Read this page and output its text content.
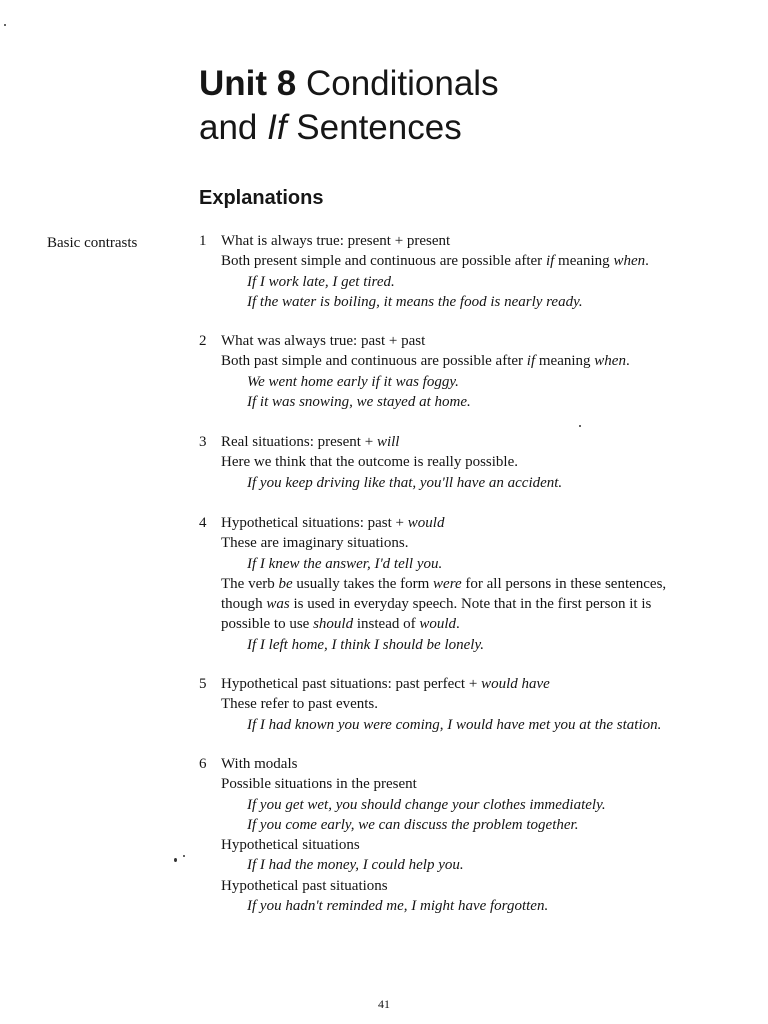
Unit 8 Conditionals
and If Sentences
Explanations
Basic contrasts	1 What is always true: present + present
Both present simple and continuous are possible after if meaning when.
If I work late, I get tired.
If the water is boiling, it means the food is nearly ready.
2 What was always true: past + past
Both past simple and continuous are possible after if meaning when.
We went home early if it was foggy.
If it was snowing, we stayed at home.
3 Real situations: present + will
Here we think that the outcome is really possible.
If you keep driving like that, you'll have an accident.
4 Hypothetical situations: past + would
These are imaginary situations.
If I knew the answer, I'd tell you.
The verb be usually takes the form were for all persons in these sentences,
though was is used in everyday speech. Note that in the first person it is
possible to use should instead of would.
If I left home, I think I should be lonely.
5 Hypothetical past situations: past perfect + would have
These refer to past events.
If I had known you were coming, I would have met you at the station.
6 With modals
Possible situations in the present
If you get wet, you should change your clothes immediately.
If you come early, we can discuss the problem together.
Hypothetical situations
If I had the money, I could help you.
Hypothetical past situations
If you hadn't reminded me, I might have forgotten.
41
